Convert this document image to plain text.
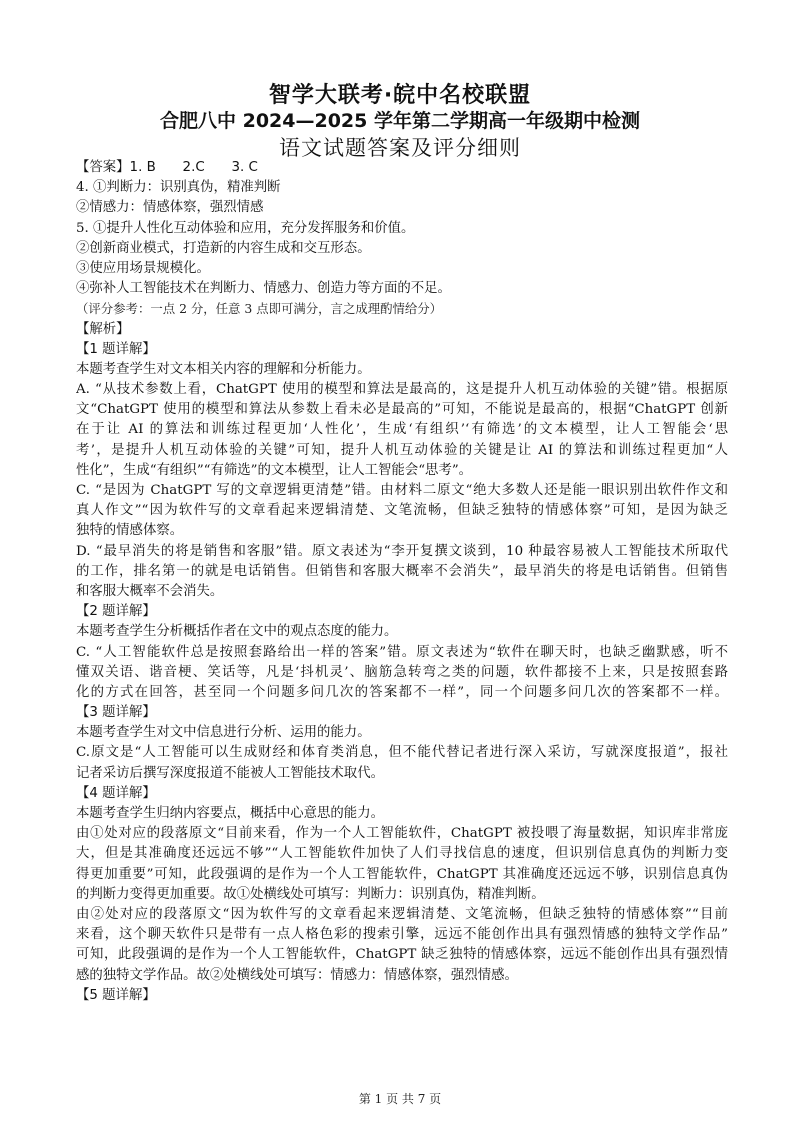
智学大联考·皖中名校联盟
合肥八中 2024—2025 学年第二学期高一年级期中检测
语文试题答案及评分细则
【答案】1. B　　2.C　　3. C
4. ①判断力：识别真伪，精准判断
②情感力：情感体察，强烈情感
5. ①提升人性化互动体验和应用，充分发挥服务和价值。
②创新商业模式，打造新的内容生成和交互形态。
③使应用场景规模化。
④弥补人工智能技术在判断力、情感力、创造力等方面的不足。
（评分参考：一点 2 分，任意 3 点即可满分，言之成理酌情给分）
【解析】
【1 题详解】
本题考查学生对文本相关内容的理解和分析能力。
A. “从技术参数上看，ChatGPT 使用的模型和算法是最高的，这是提升人机互动体验的关键”错。根据原
文“ChatGPT 使用的模型和算法从参数上看未必是最高的”可知，不能说是最高的，根据“ChatGPT 创新
在于让 AI 的算法和训练过程更加‘人性化’，生成‘有组织’‘有筛选’的文本模型，让人工智能会‘思
考’，是提升人机互动体验的关键”可知，提升人机互动体验的关键是让 AI 的算法和训练过程更加“人
性化”，生成“有组织”“有筛选”的文本模型，让人工智能会“思考”。
C. “是因为 ChatGPT 写的文章逻辑更清楚”错。由材料二原文“绝大多数人还是能一眼识别出软件作文和
真人作文”“因为软件写的文章看起来逻辑清楚、文笔流畅，但缺乏独特的情感体察”可知，是因为缺乏
独特的情感体察。
D. “最早消失的将是销售和客服”错。原文表述为“李开复撰文谈到，10 种最容易被人工智能技术所取代
的工作，排名第一的就是电话销售。但销售和客服大概率不会消失”，最早消失的将是电话销售。但销售
和客服大概率不会消失。
【2 题详解】
本题考查学生分析概括作者在文中的观点态度的能力。
C. “人工智能软件总是按照套路给出一样的答案”错。原文表述为“软件在聊天时，也缺乏幽默感，听不
懂双关语、谐音梗、笑话等，凡是‘抖机灵’、脑筋急转弯之类的问题，软件都接不上来，只是按照套路
化的方式在回答，甚至同一个问题多问几次的答案都不一样”，同一个问题多问几次的答案都不一样。
【3 题详解】
本题考查学生对文中信息进行分析、运用的能力。
C.原文是“人工智能可以生成财经和体育类消息，但不能代替记者进行深入采访，写就深度报道”，报社
记者采访后撰写深度报道不能被人工智能技术取代。
【4 题详解】
本题考查学生归纳内容要点，概括中心意思的能力。
由①处对应的段落原文“目前来看，作为一个人工智能软件，ChatGPT 被投喂了海量数据，知识库非常庞
大，但是其准确度还远远不够”“人工智能软件加快了人们寻找信息的速度，但识别信息真伪的判断力变
得更加重要”可知，此段强调的是作为一个人工智能软件，ChatGPT 其准确度还远远不够，识别信息真伪
的判断力变得更加重要。故①处横线处可填写：判断力：识别真伪，精准判断。
由②处对应的段落原文“因为软件写的文章看起来逻辑清楚、文笔流畅，但缺乏独特的情感体察”“目前
来看，这个聊天软件只是带有一点人格色彩的搜索引擎，远远不能创作出具有强烈情感的独特文学作品”
可知，此段强调的是作为一个人工智能软件，ChatGPT 缺乏独特的情感体察，远远不能创作出具有强烈情
感的独特文学作品。故②处横线处可填写：情感力：情感体察，强烈情感。
【5 题详解】
第 1 页 共 7 页
